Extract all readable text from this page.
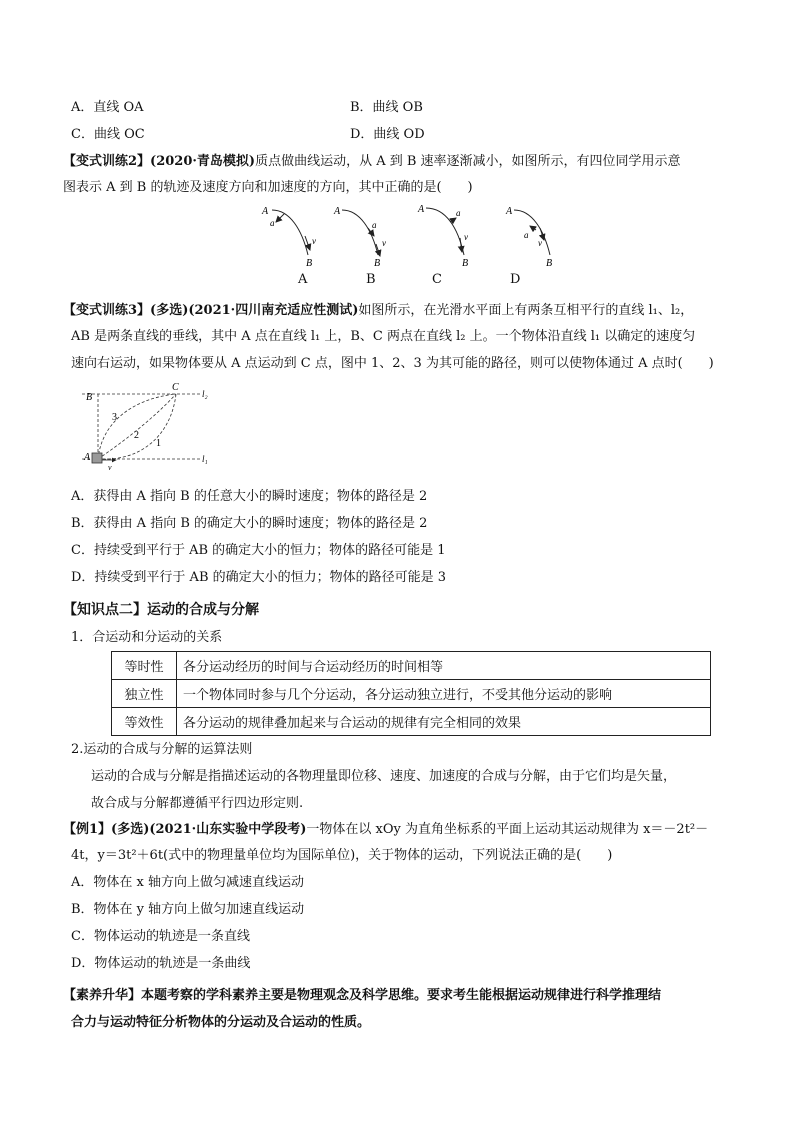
A．直线 OA	B．曲线 OB
C．曲线 OC	D．曲线 OD
【变式训练2】(2020·青岛模拟)质点做曲线运动，从 A 到 B 速率逐渐减小，如图所示，有四位同学用示意
图表示 A 到 B 的轨迹及速度方向和加速度的方向，其中正确的是(　　)
A
a
v
B
A
a
v
B
A	a
v
B
A
a
v
B
A	B	C	D
【变式训练3】(多选)(2021·四川南充适应性测试)如图所示，在光滑水平面上有两条互相平行的直线 l₁、l₂，
AB 是两条直线的垂线，其中 A 点在直线 l₁ 上，B、C 两点在直线 l₂ 上。一个物体沿直线 l₁ 以确定的速度匀
速向右运动，如果物体要从 A 点运动到 C 点，图中 1、2、3 为其可能的路径，则可以使物体通过 A 点时(　　)
B
C
l₂
l₁
A
v
3
2
1
A．获得由 A 指向 B 的任意大小的瞬时速度；物体的路径是 2
B．获得由 A 指向 B 的确定大小的瞬时速度；物体的路径是 2
C．持续受到平行于 AB 的确定大小的恒力；物体的路径可能是 1
D．持续受到平行于 AB 的确定大小的恒力；物体的路径可能是 3
【知识点二】运动的合成与分解
1．合运动和分运动的关系
等时性	各分运动经历的时间与合运动经历的时间相等
独立性	一个物体同时参与几个分运动，各分运动独立进行，不受其他分运动的影响
等效性	各分运动的规律叠加起来与合运动的规律有完全相同的效果
2.运动的合成与分解的运算法则
运动的合成与分解是指描述运动的各物理量即位移、速度、加速度的合成与分解，由于它们均是矢量，
故合成与分解都遵循平行四边形定则.
【例1】(多选)(2021·山东实验中学段考)一物体在以 xOy 为直角坐标系的平面上运动其运动规律为 x＝－2t²－
4t，y＝3t²＋6t(式中的物理量单位均为国际单位)，关于物体的运动，下列说法正确的是(　　)
A．物体在 x 轴方向上做匀减速直线运动
B．物体在 y 轴方向上做匀加速直线运动
C．物体运动的轨迹是一条直线
D．物体运动的轨迹是一条曲线
【素养升华】本题考察的学科素养主要是物理观念及科学思维。要求考生能根据运动规律进行科学推理结
合力与运动特征分析物体的分运动及合运动的性质。
